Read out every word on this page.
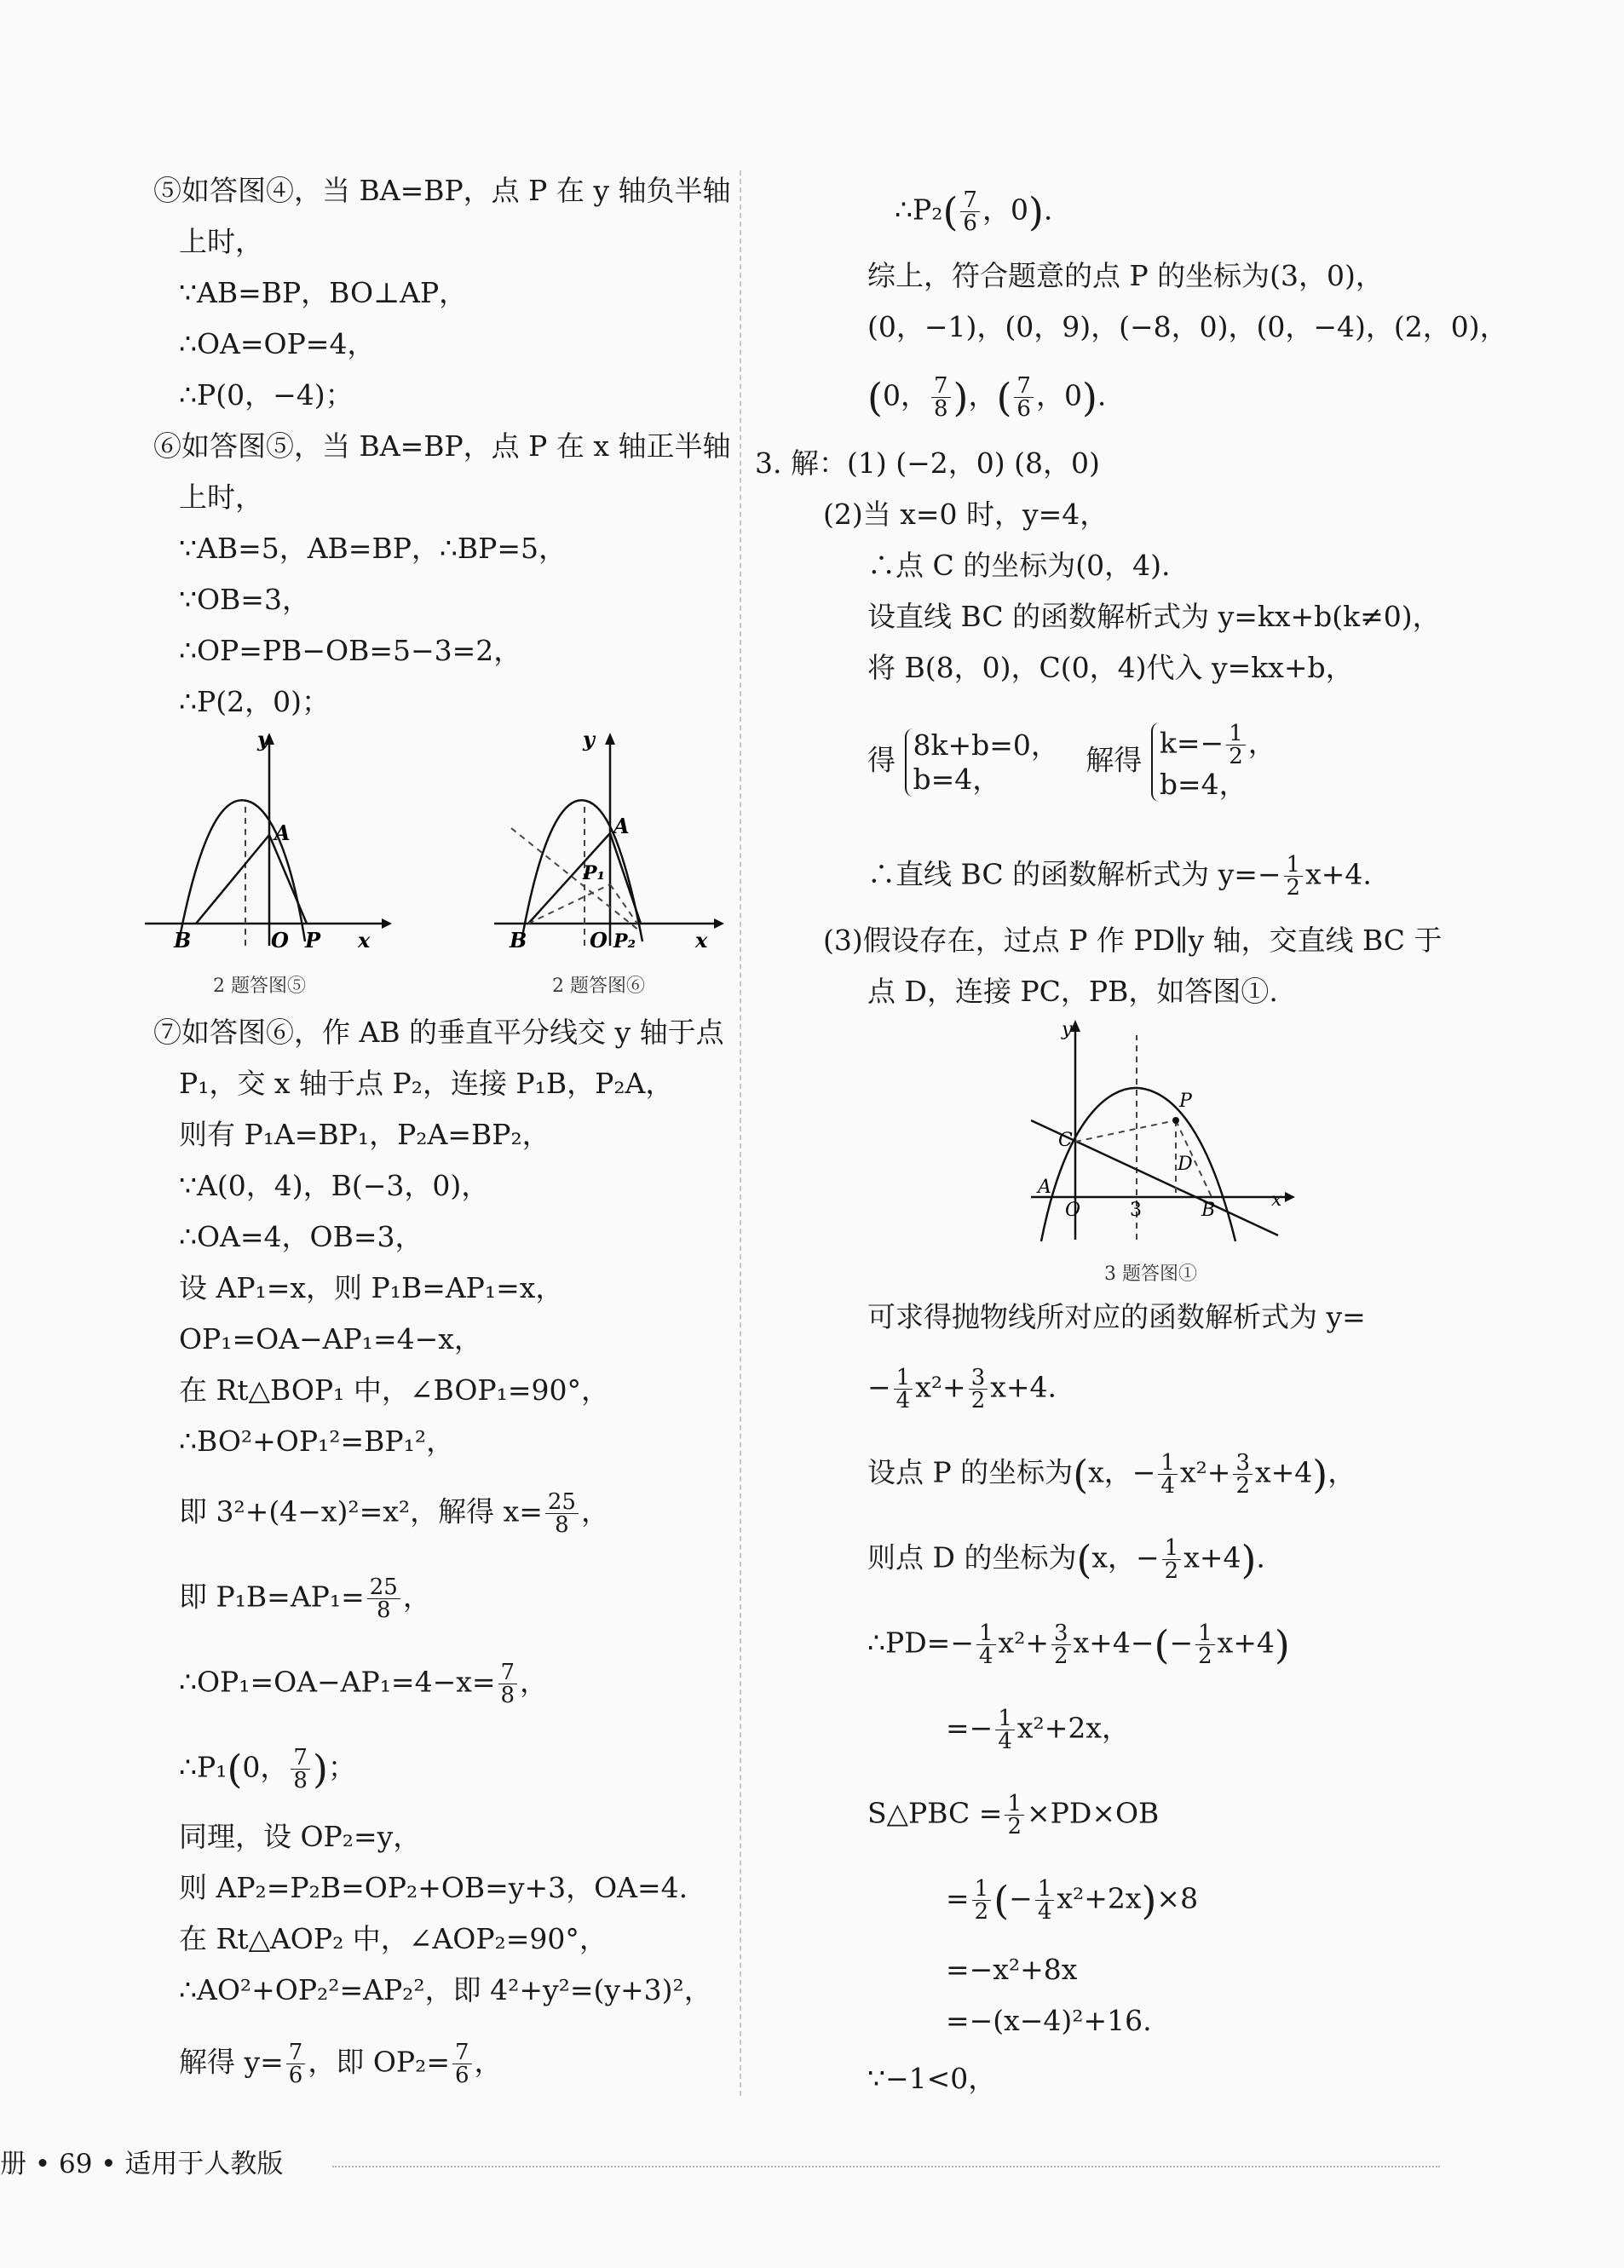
⑤如答图④，当 BA=BP，点 P 在 y 轴负半轴
上时，
∵AB=BP，BO⊥AP，
∴OA=OP=4，
∴P(0，−4)；
⑥如答图⑤，当 BA=BP，点 P 在 x 轴正半轴
上时，
∵AB=5，AB=BP，∴BP=5，
∵OB=3，
∴OP=PB−OB=5−3=2，
∴P(2，0)；
y
A
B	O P x
2 题答图⑤
y
A
P₁
B	O P₂	x
2 题答图⑥
⑦如答图⑥，作 AB 的垂直平分线交 y 轴于点
P₁，交 x 轴于点 P₂，连接 P₁B，P₂A，
则有 P₁A=BP₁，P₂A=BP₂，
∵A(0，4)，B(−3，0)，
∴OA=4，OB=3，
设 AP₁=x，则 P₁B=AP₁=x，
OP₁=OA−AP₁=4−x，
在 Rt△BOP₁ 中，∠BOP₁=90°，
∴BO²+OP₁²=BP₁²，
即 3²+(4−x)²=x²，解得 $x= \frac{25}{8}$ ，
即 $P_1B=AP_1= \frac{25}{8}$ ，
∴OP₁=OA−AP₁=4−x= $\frac{7}{8}$ ，
∴P₁(0， $\frac{7}{8}$ )；
同理，设 OP₂=y，
则 AP₂=P₂B=OP₂+OB=y+3，OA=4.
在 Rt△AOP₂ 中，∠AOP₂=90°，
∴AO²+OP₂²=AP₂²，即 4²+y²=(y+3)²，
解得 $y= \frac{7}{6}$ ，即 $OP_2= \frac{7}{6}$ ，
∴P₂( $\frac{7}{6}$ ，0).
综上，符合题意的点 P 的坐标为(3，0)，
(0，−1)，(0，9)，(−8，0)，(0，−4)，(2，0)，
(0， $\frac{7}{8}$ )，( $\frac{7}{6}$ ，0).
3. 解：(1) (−2，0) (8，0)
(2)当 x=0 时，y=4，
∴点 C 的坐标为(0，4).
设直线 BC 的函数解析式为 y=kx+b(k≠0)，
将 B(8，0)，C(0，4)代入 y=kx+b，
得 8k+b=0，
b=4，   解得 $k=- \frac{1}{2}$ ，
b=4，
∴直线 BC 的函数解析式为 $y=- \frac{1}{2} x+4$.
(3)假设存在，过点 P 作 PD∥y 轴，交直线 BC 于
点 D，连接 PC，PB，如答图①.
y
P
C
D
A
O	3	B	x
3 题答图①
可求得抛物线所对应的函数解析式为 y=
− $\frac{1}{4} x^2+ \frac{3}{2} x+4$.
设点 P 的坐标为(x，− $\frac{1}{4} x^2+ \frac{3}{2} x+4$)，
则点 D 的坐标为(x，− $\frac{1}{2} x+4$).
∴PD=− $\frac{1}{4} x^2+ \frac{3}{2} x+4-(- \frac{1}{2} x+4)$
=− $\frac{1}{4} x^2+2x$，
S△PBC = $\frac{1}{2} \times PD\times OB$
= $\frac{1}{2}$ (− $\frac{1}{4} x^2+2x)\times 8$
=−x²+8x
=−(x−4)²+16.
∵−1<0，
册 • 69 • 适用于人教版
